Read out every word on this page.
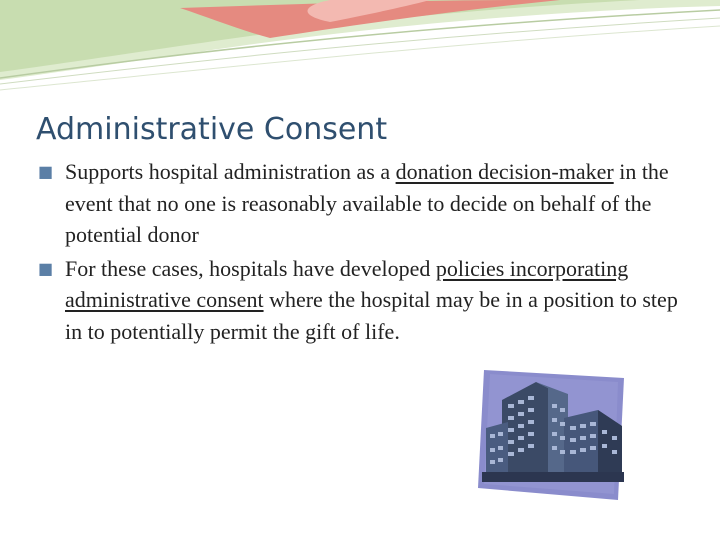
Administrative Consent
■ Supports hospital administration as a donation decision-maker in the event that no one is reasonably available to decide on behalf of the potential donor
■ For these cases, hospitals have developed policies incorporating administrative consent where the hospital may be in a position to step in to potentially permit the gift of life.
